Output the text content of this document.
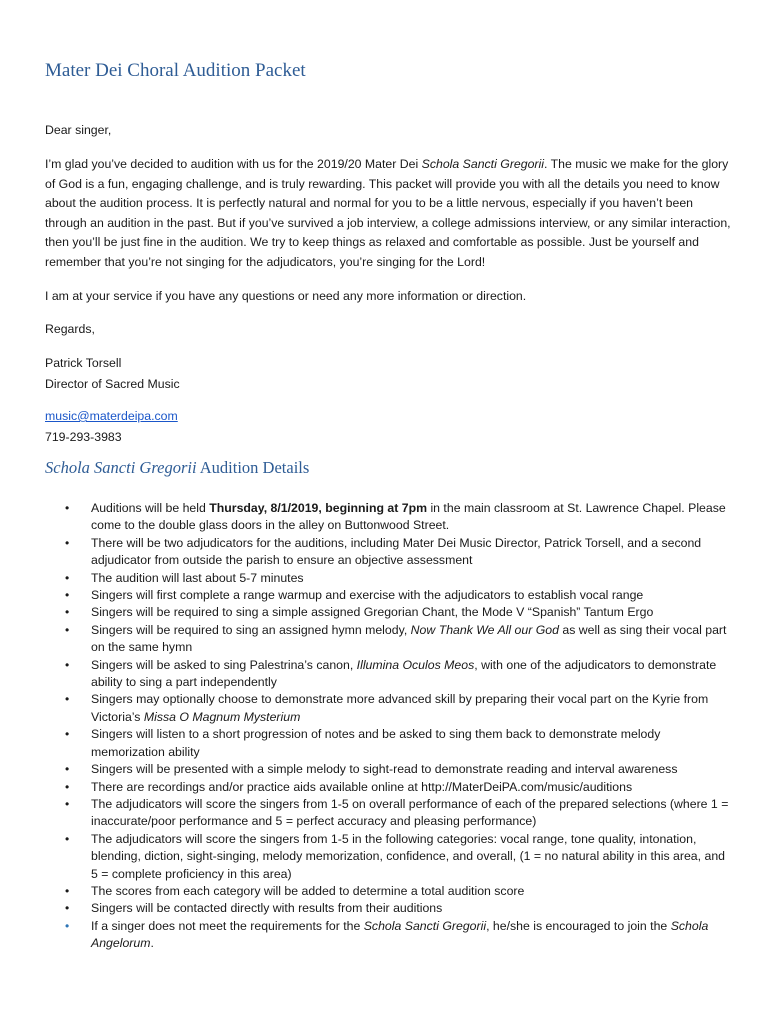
Mater Dei Choral Audition Packet

Dear singer,

I’m glad you’ve decided to audition with us for the 2019/20 Mater Dei Schola Sancti Gregorii. The music we make for the glory of God is a fun, engaging challenge, and is truly rewarding. This packet will provide you with all the details you need to know about the audition process. It is perfectly natural and normal for you to be a little nervous, especially if you haven’t been through an audition in the past. But if you’ve survived a job interview, a college admissions interview, or any similar interaction, then you’ll be just fine in the audition. We try to keep things as relaxed and comfortable as possible. Just be yourself and remember that you’re not singing for the adjudicators, you’re singing for the Lord!

I am at your service if you have any questions or need any more information or direction.

Regards,

Patrick Torsell

Director of Sacred Music

music@materdeipa.com

719-293-3983

Schola Sancti Gregorii Audition Details
• Auditions will be held Thursday, 8/1/2019, beginning at 7pm in the main classroom at St. Lawrence Chapel. Please come to the double glass doors in the alley on Buttonwood Street.
• There will be two adjudicators for the auditions, including Mater Dei Music Director, Patrick Torsell, and a second adjudicator from outside the parish to ensure an objective assessment
• The audition will last about 5-7 minutes
• Singers will first complete a range warmup and exercise with the adjudicators to establish vocal range
• Singers will be required to sing a simple assigned Gregorian Chant, the Mode V “Spanish” Tantum Ergo
• Singers will be required to sing an assigned hymn melody, Now Thank We All our God as well as sing their vocal part on the same hymn
• Singers will be asked to sing Palestrina’s canon, Illumina Oculos Meos, with one of the adjudicators to demonstrate ability to sing a part independently
• Singers may optionally choose to demonstrate more advanced skill by preparing their vocal part on the Kyrie from Victoria’s Missa O Magnum Mysterium
• Singers will listen to a short progression of notes and be asked to sing them back to demonstrate melody memorization ability
• Singers will be presented with a simple melody to sight-read to demonstrate reading and interval awareness
• There are recordings and/or practice aids available online at http://MaterDeiPA.com/music/auditions
• The adjudicators will score the singers from 1-5 on overall performance of each of the prepared selections (where 1 = inaccurate/poor performance and 5 = perfect accuracy and pleasing performance)
• The adjudicators will score the singers from 1-5 in the following categories: vocal range, tone quality, intonation, blending, diction, sight-singing, melody memorization, confidence, and overall, (1 = no natural ability in this area, and 5 = complete proficiency in this area)
• The scores from each category will be added to determine a total audition score
• Singers will be contacted directly with results from their auditions
• If a singer does not meet the requirements for the Schola Sancti Gregorii, he/she is encouraged to join the Schola Angelorum.
